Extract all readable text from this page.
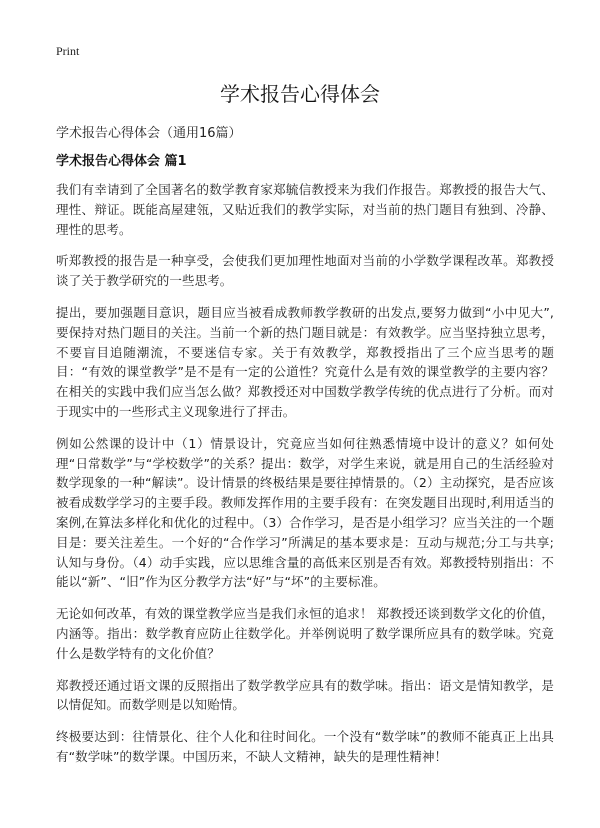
Print
学术报告心得体会

学术报告心得体会（通用16篇）

学术报告心得体会 篇1

我们有幸请到了全国著名的数学教育家郑毓信教授来为我们作报告。郑教授的报告大气、理性、辩证。既能高屋建瓴，又贴近我们的教学实际，对当前的热门题目有独到、冷静、理性的思考。

听郑教授的报告是一种享受，会使我们更加理性地面对当前的小学数学课程改革。郑教授谈了关于教学研究的一些思考。

提出，要加强题目意识，题目应当被看成教师教学教研的出发点,要努力做到“小中见大”,要保持对热门题目的关注。当前一个新的热门题目就是：有效教学。应当坚持独立思考，不要盲目追随潮流，不要迷信专家。关于有效教学，郑教授指出了三个应当思考的题目：“有效的课堂教学”是不是有一定的公道性？究竟什么是有效的课堂教学的主要内容？在相关的实践中我们应当怎么做？郑教授还对中国数学教学传统的优点进行了分析。而对于现实中的一些形式主义现象进行了抨击。

例如公然课的设计中（1）情景设计，究竟应当如何往熟悉情境中设计的意义？如何处理“日常数学”与“学校数学”的关系？提出：数学，对学生来说，就是用自己的生活经验对数学现象的一种“解读”。设计情景的终极结果是要往掉情景的。（2）主动探究，是否应该被看成数学学习的主要手段。教师发挥作用的主要手段有：在突发题目出现时,利用适当的案例,在算法多样化和优化的过程中。（3）合作学习，是否是小组学习？应当关注的一个题目是：要关注差生。一个好的“合作学习”所满足的基本要求是：互动与规范;分工与共享;认知与身份。（4）动手实践，应以思维含量的高低来区别是否有效。郑教授特别指出：不能以“新”、“旧”作为区分教学方法“好”与“坏”的主要标准。

无论如何改革，有效的课堂教学应当是我们永恒的追求！ 郑教授还谈到数学文化的价值，内涵等。指出：数学教育应防止往数学化。并举例说明了数学课所应具有的数学味。究竟什么是数学特有的文化价值？

郑教授还通过语文课的反照指出了数学教学应具有的数学味。指出：语文是情知教学，是以情促知。而数学则是以知贻情。

终极要达到：往情景化、往个人化和往时间化。一个没有“数学味”的教师不能真正上出具有“数学味”的数学课。中国历来，不缺人文精神，缺失的是理性精神！
